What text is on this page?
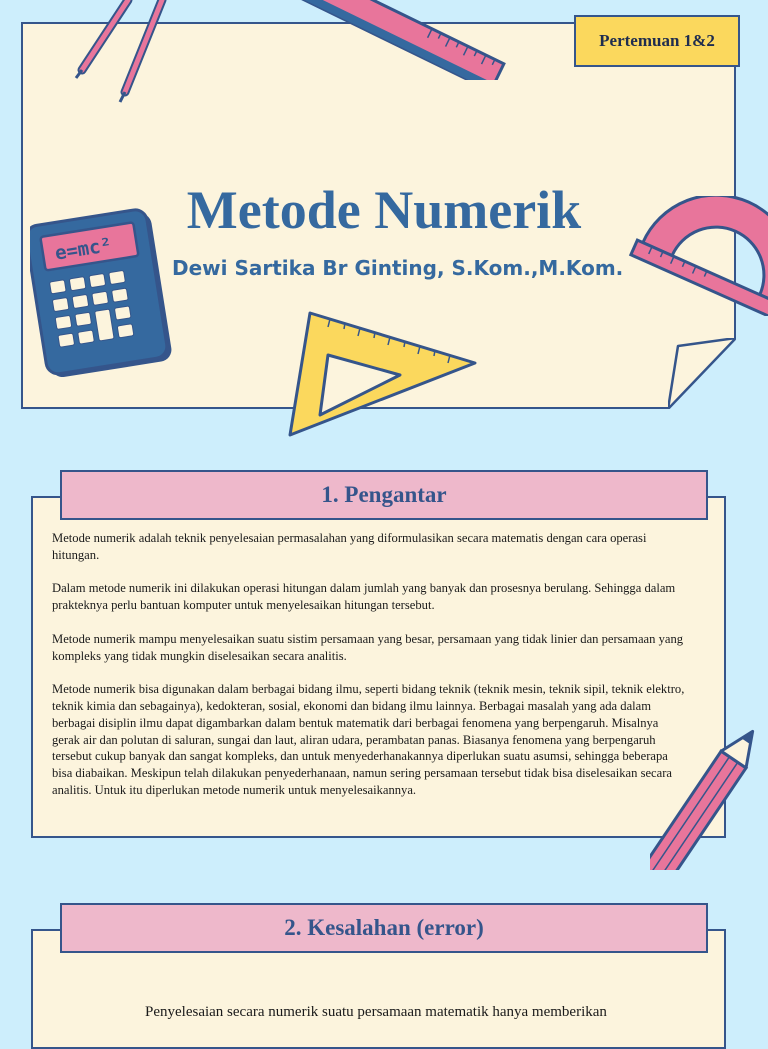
Pertemuan 1&2
Metode Numerik
Dewi Sartika Br Ginting, S.Kom.,M.Kom.
e=mc²
1. Pengantar

Metode numerik adalah teknik penyelesaian permasalahan yang diformulasikan secara matematis dengan cara operasi hitungan.

Dalam metode numerik ini dilakukan operasi hitungan dalam jumlah yang banyak dan prosesnya berulang. Sehingga dalam prakteknya perlu bantuan komputer untuk menyelesaikan hitungan tersebut.

Metode numerik mampu menyelesaikan suatu sistim persamaan yang besar, persamaan yang tidak linier dan persamaan yang kompleks yang tidak mungkin diselesaikan secara analitis.

Metode numerik bisa digunakan dalam berbagai bidang ilmu, seperti bidang teknik (teknik mesin, teknik sipil, teknik elektro, teknik kimia dan sebagainya), kedokteran, sosial, ekonomi dan bidang ilmu lainnya. Berbagai masalah yang ada dalam berbagai disiplin ilmu dapat digambarkan dalam bentuk matematik dari berbagai fenomena yang berpengaruh. Misalnya gerak air dan polutan di saluran, sungai dan laut, aliran udara, perambatan panas. Biasanya fenomena yang berpengaruh tersebut cukup banyak dan sangat kompleks, dan untuk menyederhanakannya diperlukan suatu asumsi, sehingga beberapa bisa diabaikan. Meskipun telah dilakukan penyederhanaan, namun sering persamaan tersebut tidak bisa diselesaikan secara analitis. Untuk itu diperlukan metode numerik untuk menyelesaikannya.

2. Kesalahan (error)
Penyelesaian secara numerik suatu persamaan matematik hanya memberikan
